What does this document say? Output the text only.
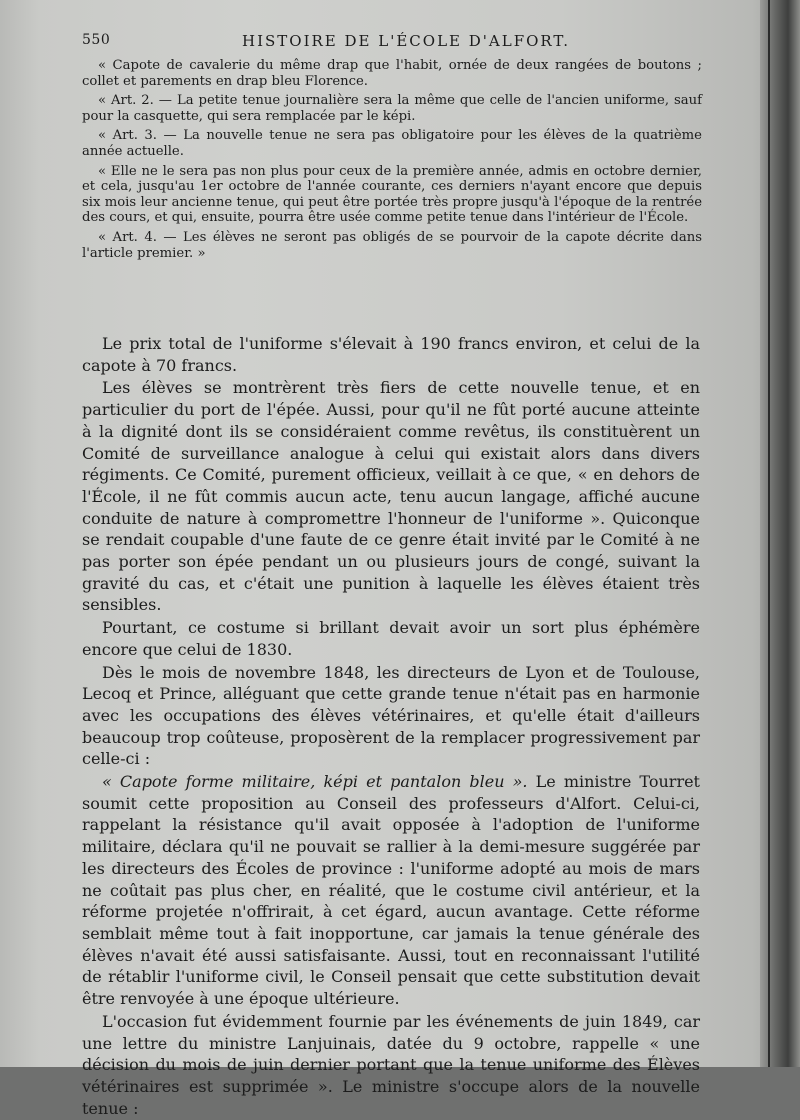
550	HISTOIRE DE L'ÉCOLE D'ALFORT.

« Capote de cavalerie du même drap que l'habit, ornée de deux rangées de boutons ; collet et parements en drap bleu Florence.

« Art. 2. — La petite tenue journalière sera la même que celle de l'ancien uniforme, sauf pour la casquette, qui sera remplacée par le képi.

« Art. 3. — La nouvelle tenue ne sera pas obligatoire pour les élèves de la quatrième année actuelle.

« Elle ne le sera pas non plus pour ceux de la première année, admis en octobre dernier, et cela, jusqu'au 1er octobre de l'année courante, ces derniers n'ayant encore que depuis six mois leur ancienne tenue, qui peut être portée très propre jusqu'à l'époque de la rentrée des cours, et qui, ensuite, pourra être usée comme petite tenue dans l'intérieur de l'École.

« Art. 4. — Les élèves ne seront pas obligés de se pourvoir de la capote décrite dans l'article premier. »

Le prix total de l'uniforme s'élevait à 190 francs environ, et celui de la capote à 70 francs.

Les élèves se montrèrent très fiers de cette nouvelle tenue, et en particulier du port de l'épée. Aussi, pour qu'il ne fût porté aucune atteinte à la dignité dont ils se considéraient comme revêtus, ils constituèrent un Comité de surveillance analogue à celui qui existait alors dans divers régiments. Ce Comité, purement officieux, veillait à ce que, « en dehors de l'École, il ne fût commis aucun acte, tenu aucun langage, affiché aucune conduite de nature à compromettre l'honneur de l'uniforme ». Quiconque se rendait coupable d'une faute de ce genre était invité par le Comité à ne pas porter son épée pendant un ou plusieurs jours de congé, suivant la gravité du cas, et c'était une punition à laquelle les élèves étaient très sensibles.

Pourtant, ce costume si brillant devait avoir un sort plus éphémère encore que celui de 1830.

Dès le mois de novembre 1848, les directeurs de Lyon et de Toulouse, Lecoq et Prince, alléguant que cette grande tenue n'était pas en harmonie avec les occupations des élèves vétérinaires, et qu'elle était d'ailleurs beaucoup trop coûteuse, proposèrent de la remplacer progressivement par celle-ci :

« Capote forme militaire, képi et pantalon bleu ». Le ministre Tourret soumit cette proposition au Conseil des professeurs d'Alfort. Celui-ci, rappelant la résistance qu'il avait opposée à l'adoption de l'uniforme militaire, déclara qu'il ne pouvait se rallier à la demi-mesure suggérée par les directeurs des Écoles de province : l'uniforme adopté au mois de mars ne coûtait pas plus cher, en réalité, que le costume civil antérieur, et la réforme projetée n'offrirait, à cet égard, aucun avantage. Cette réforme semblait même tout à fait inopportune, car jamais la tenue générale des élèves n'avait été aussi satisfaisante. Aussi, tout en reconnaissant l'utilité de rétablir l'uniforme civil, le Conseil pensait que cette substitution devait être renvoyée à une époque ultérieure.

L'occasion fut évidemment fournie par les événements de juin 1849, car une lettre du ministre Lanjuinais, datée du 9 octobre, rappelle « une décision du mois de juin dernier portant que la tenue uniforme des Élèves vétérinaires est supprimée ». Le ministre s'occupe alors de la nouvelle tenue :
